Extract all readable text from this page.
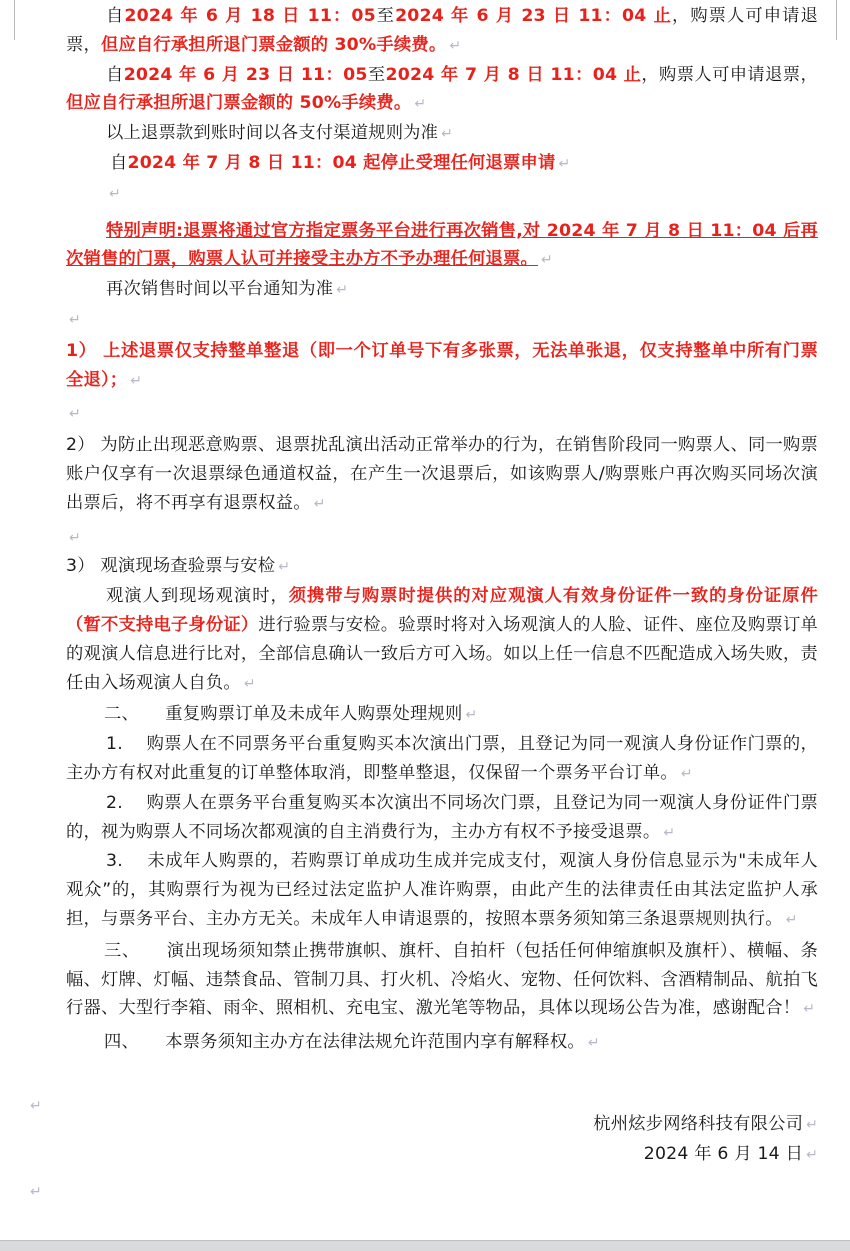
自2024 年 6 月 18 日 11：05至2024 年 6 月 23 日 11：04 止，购票人可申请退票，但应自行承担所退门票金额的 30%手续费。 ↵

自2024 年 6 月 23 日 11：05至2024 年 7 月 8 日 11：04 止，购票人可申请退票，但应自行承担所退门票金额的 50%手续费。 ↵

以上退票款到账时间以各支付渠道规则为准 ↵

自2024 年 7 月 8 日 11：04 起停止受理任何退票申请 ↵

↵

特别声明:退票将通过官方指定票务平台进行再次销售,对 2024 年 7 月 8 日 11：04 后再次销售的门票，购票人认可并接受主办方不予办理任何退票。 ↵

再次销售时间以平台通知为准 ↵

↵

1） 上述退票仅支持整单整退（即一个订单号下有多张票，无法单张退，仅支持整单中所有门票全退）； ↵

↵

2） 为防止出现恶意购票、退票扰乱演出活动正常举办的行为，在销售阶段同一购票人、同一购票账户仅享有一次退票绿色通道权益，在产生一次退票后，如该购票人/购票账户再次购买同场次演出票后，将不再享有退票权益。 ↵

↵

3） 观演现场查验票与安检 ↵

观演人到现场观演时，须携带与购票时提供的对应观演人有效身份证件一致的身份证原件（暂不支持电子身份证）进行验票与安检。验票时将对入场观演人的人脸、证件、座位及购票订单的观演人信息进行比对，全部信息确认一致后方可入场。如以上任一信息不匹配造成入场失败，责任由入场观演人自负。 ↵

二、　　重复购票订单及未成年人购票处理规则 ↵

1.　 购票人在不同票务平台重复购买本次演出门票，且登记为同一观演人身份证作门票的，主办方有权对此重复的订单整体取消，即整单整退，仅保留一个票务平台订单。 ↵

2.　 购票人在票务平台重复购买本次演出不同场次门票，且登记为同一观演人身份证件门票的，视为购票人不同场次都观演的自主消费行为，主办方有权不予接受退票。 ↵

3.　 未成年人购票的，若购票订单成功生成并完成支付，观演人身份信息显示为"未成年人观众”的，其购票行为视为已经过法定监护人准许购票，由此产生的法律责任由其法定监护人承担，与票务平台、主办方无关。未成年人申请退票的，按照本票务须知第三条退票规则执行。 ↵

三、　　演出现场须知禁止携带旗帜、旗杆、自拍杆（包括任何伸缩旗帜及旗杆）、横幅、条幅、灯牌、灯幅、违禁食品、管制刀具、打火机、冷焰火、宠物、任何饮料、含酒精制品、航拍飞行器、大型行李箱、雨伞、照相机、充电宝、激光笔等物品，具体以现场公告为准，感谢配合！ ↵

四、　　本票务须知主办方在法律法规允许范围内享有解释权。 ↵

杭州炫步网络科技有限公司 ↵

2024 年 6 月 14 日 ↵

↵
↵
